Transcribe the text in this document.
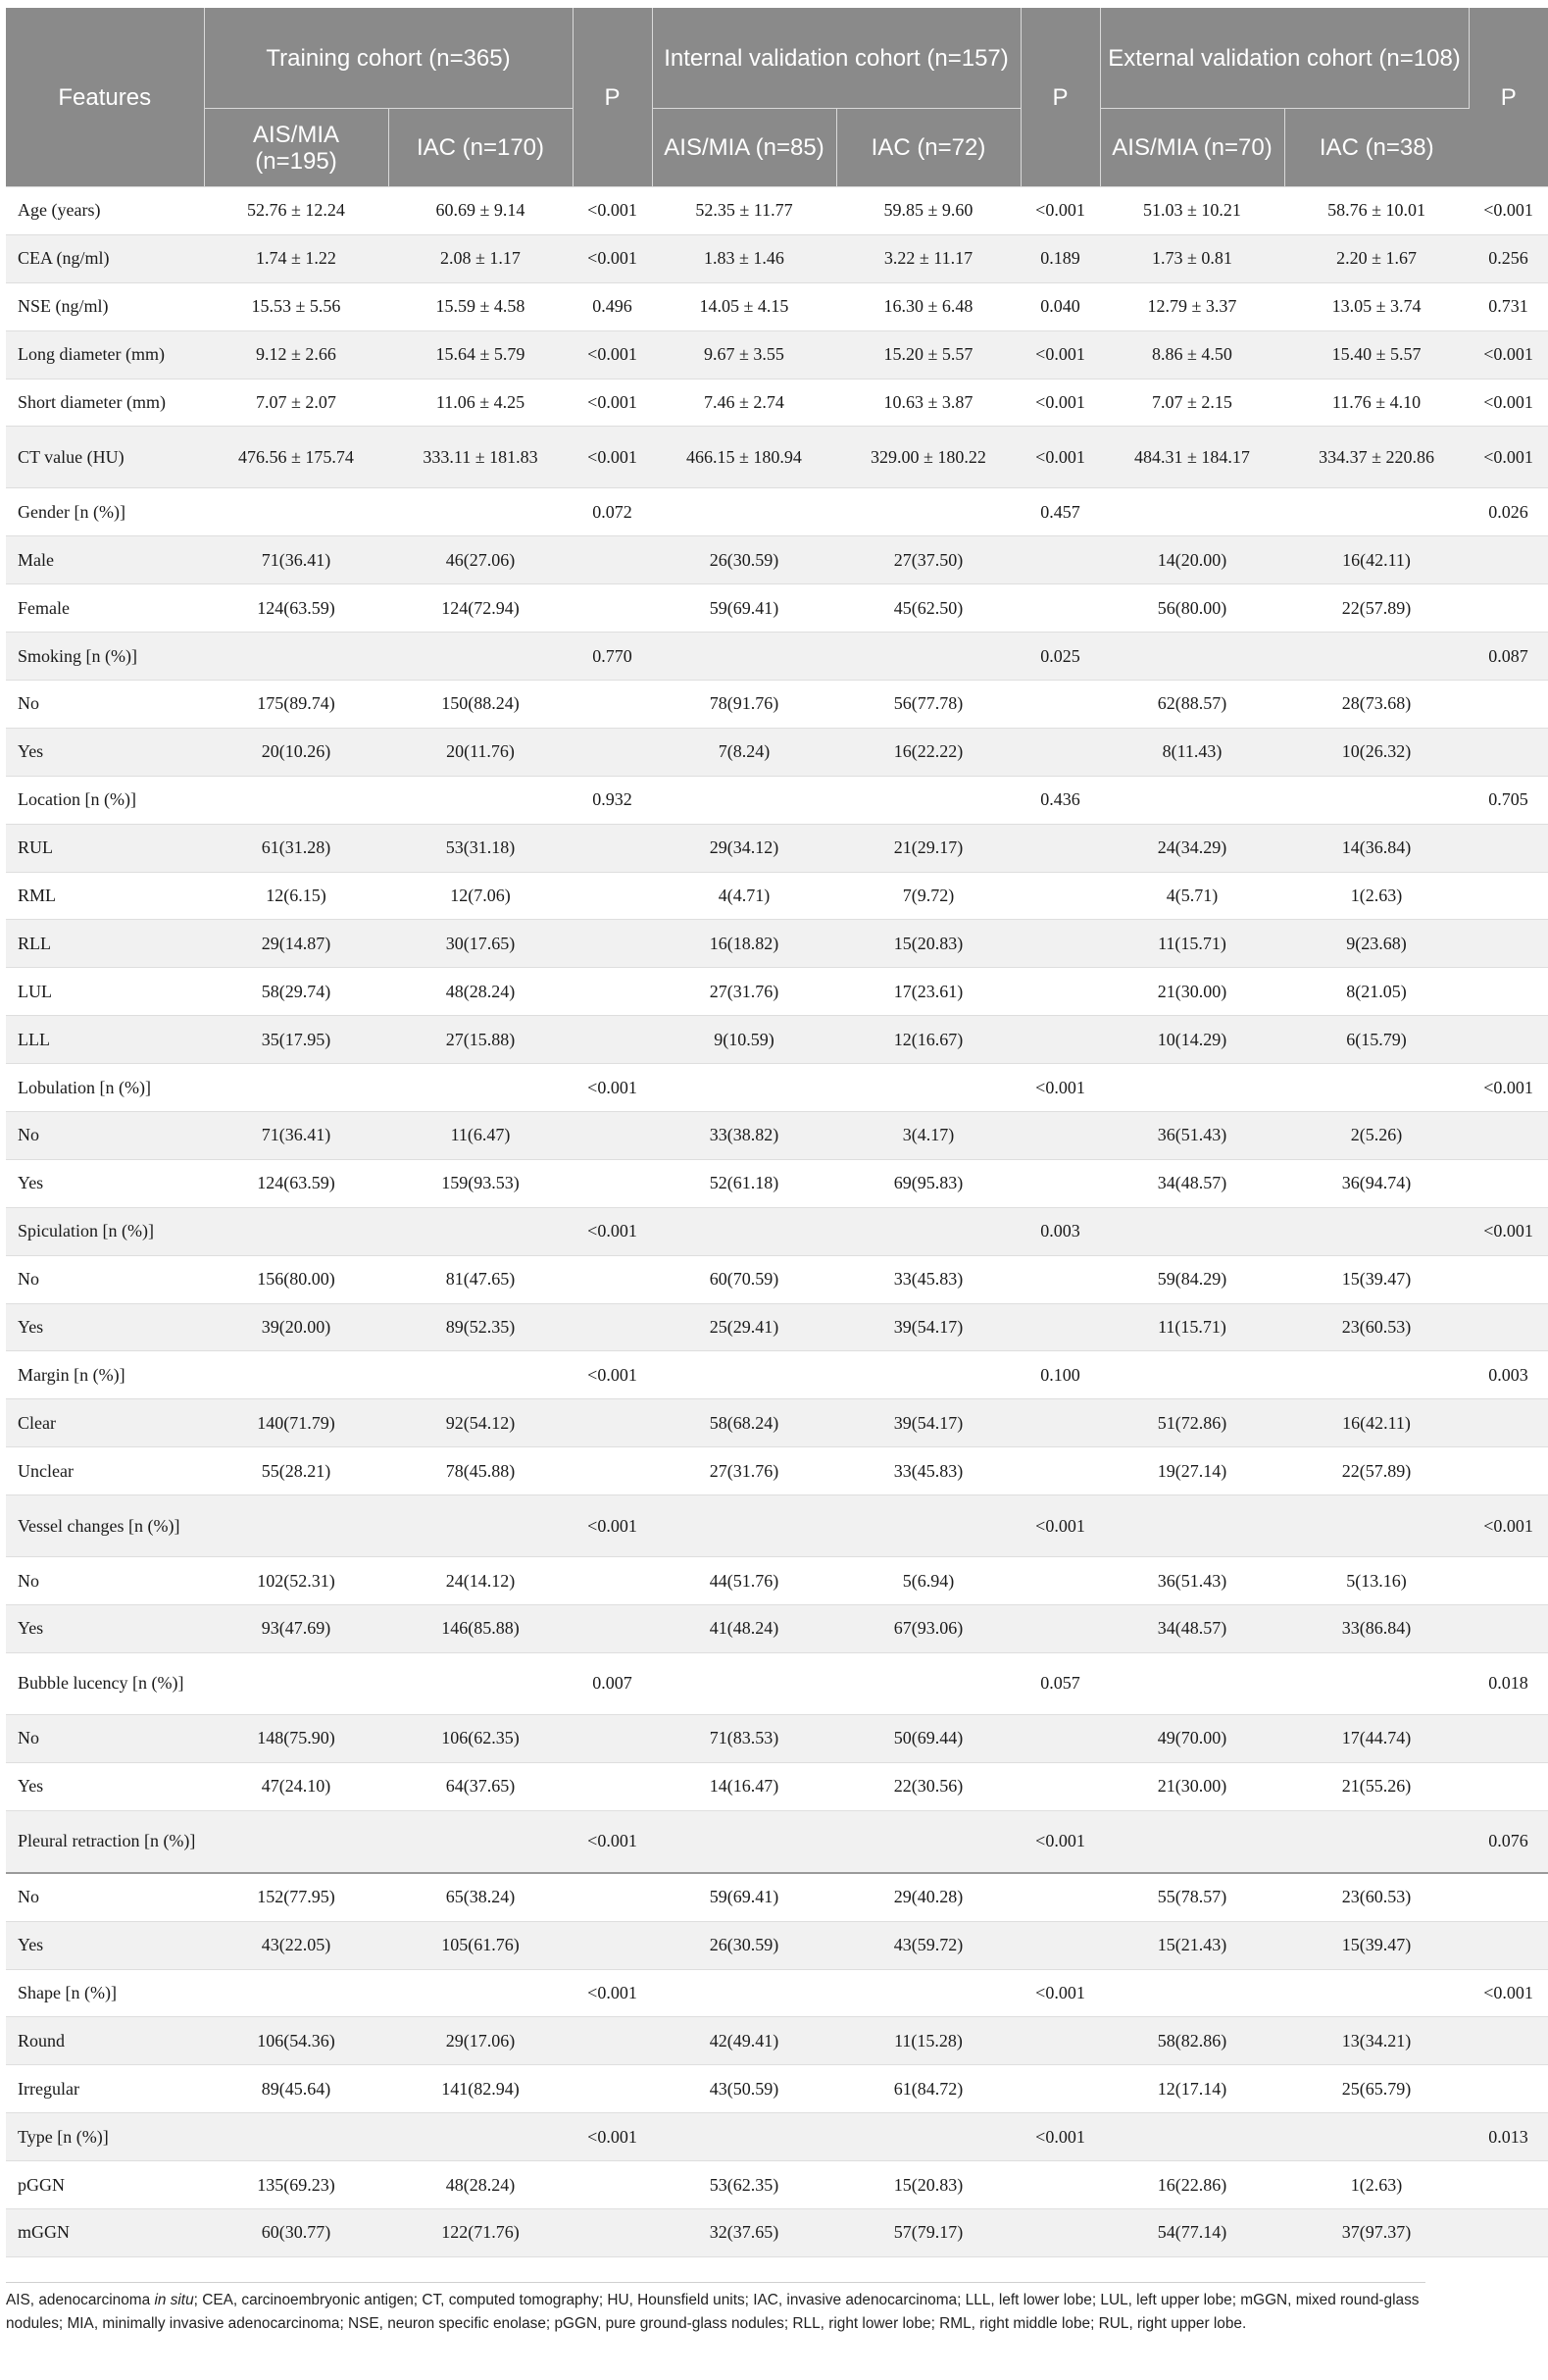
Features	Training cohort (n=365)		P	Internal validation cohort (n=157)		P	External validation cohort (n=108)		P
	AIS/MIA (n=195)	IAC (n=170)		AIS/MIA (n=85)	IAC (n=72)		AIS/MIA (n=70)	IAC (n=38)	
Age (years)	52.76 ± 12.24	60.69 ± 9.14	<0.001	52.35 ± 11.77	59.85 ± 9.60	<0.001	51.03 ± 10.21	58.76 ± 10.01	<0.001
CEA (ng/ml)	1.74 ± 1.22	2.08 ± 1.17	<0.001	1.83 ± 1.46	3.22 ± 11.17	0.189	1.73 ± 0.81	2.20 ± 1.67	0.256
NSE (ng/ml)	15.53 ± 5.56	15.59 ± 4.58	0.496	14.05 ± 4.15	16.30 ± 6.48	0.040	12.79 ± 3.37	13.05 ± 3.74	0.731
Long diameter (mm)	9.12 ± 2.66	15.64 ± 5.79	<0.001	9.67 ± 3.55	15.20 ± 5.57	<0.001	8.86 ± 4.50	15.40 ± 5.57	<0.001
Short diameter (mm)	7.07 ± 2.07	11.06 ± 4.25	<0.001	7.46 ± 2.74	10.63 ± 3.87	<0.001	7.07 ± 2.15	11.76 ± 4.10	<0.001
CT value (HU)	476.56 ± 175.74	333.11 ± 181.83	<0.001	466.15 ± 180.94	329.00 ± 180.22	<0.001	484.31 ± 184.17	334.37 ± 220.86	<0.001
Gender [n (%)]			0.072			0.457			0.026
Male	71(36.41)	46(27.06)		26(30.59)	27(37.50)		14(20.00)	16(42.11)	
Female	124(63.59)	124(72.94)		59(69.41)	45(62.50)		56(80.00)	22(57.89)	
Smoking [n (%)]			0.770			0.025			0.087
No	175(89.74)	150(88.24)		78(91.76)	56(77.78)		62(88.57)	28(73.68)	
Yes	20(10.26)	20(11.76)		7(8.24)	16(22.22)		8(11.43)	10(26.32)	
Location [n (%)]			0.932			0.436			0.705
RUL	61(31.28)	53(31.18)		29(34.12)	21(29.17)		24(34.29)	14(36.84)	
RML	12(6.15)	12(7.06)		4(4.71)	7(9.72)		4(5.71)	1(2.63)	
RLL	29(14.87)	30(17.65)		16(18.82)	15(20.83)		11(15.71)	9(23.68)	
LUL	58(29.74)	48(28.24)		27(31.76)	17(23.61)		21(30.00)	8(21.05)	
LLL	35(17.95)	27(15.88)		9(10.59)	12(16.67)		10(14.29)	6(15.79)	
Lobulation [n (%)]			<0.001			<0.001			<0.001
No	71(36.41)	11(6.47)		33(38.82)	3(4.17)		36(51.43)	2(5.26)	
Yes	124(63.59)	159(93.53)		52(61.18)	69(95.83)		34(48.57)	36(94.74)	
Spiculation [n (%)]			<0.001			0.003			<0.001
No	156(80.00)	81(47.65)		60(70.59)	33(45.83)		59(84.29)	15(39.47)	
Yes	39(20.00)	89(52.35)		25(29.41)	39(54.17)		11(15.71)	23(60.53)	
Margin [n (%)]			<0.001			0.100			0.003
Clear	140(71.79)	92(54.12)		58(68.24)	39(54.17)		51(72.86)	16(42.11)	
Unclear	55(28.21)	78(45.88)		27(31.76)	33(45.83)		19(27.14)	22(57.89)	
Vessel changes [n (%)]			<0.001			<0.001			<0.001
No	102(52.31)	24(14.12)		44(51.76)	5(6.94)		36(51.43)	5(13.16)	
Yes	93(47.69)	146(85.88)		41(48.24)	67(93.06)		34(48.57)	33(86.84)	
Bubble lucency [n (%)]			0.007			0.057			0.018
No	148(75.90)	106(62.35)		71(83.53)	50(69.44)		49(70.00)	17(44.74)	
Yes	47(24.10)	64(37.65)		14(16.47)	22(30.56)		21(30.00)	21(55.26)	
Pleural retraction [n (%)]			<0.001			<0.001			0.076
No	152(77.95)	65(38.24)		59(69.41)	29(40.28)		55(78.57)	23(60.53)	
Yes	43(22.05)	105(61.76)		26(30.59)	43(59.72)		15(21.43)	15(39.47)	
Shape [n (%)]			<0.001			<0.001			<0.001
Round	106(54.36)	29(17.06)		42(49.41)	11(15.28)		58(82.86)	13(34.21)	
Irregular	89(45.64)	141(82.94)		43(50.59)	61(84.72)		12(17.14)	25(65.79)	
Type [n (%)]			<0.001			<0.001			0.013
pGGN	135(69.23)	48(28.24)		53(62.35)	15(20.83)		16(22.86)	1(2.63)	
mGGN	60(30.77)	122(71.76)		32(37.65)	57(79.17)		54(77.14)	37(97.37)	
AIS, adenocarcinoma in situ; CEA, carcinoembryonic antigen; CT, computed tomography; HU, Hounsfield units; IAC, invasive adenocarcinoma; LLL, left lower lobe; LUL, left upper lobe; mGGN, mixed round-glass nodules; MIA, minimally invasive adenocarcinoma; NSE, neuron specific enolase; pGGN, pure ground-glass nodules; RLL, right lower lobe; RML, right middle lobe; RUL, right upper lobe.
